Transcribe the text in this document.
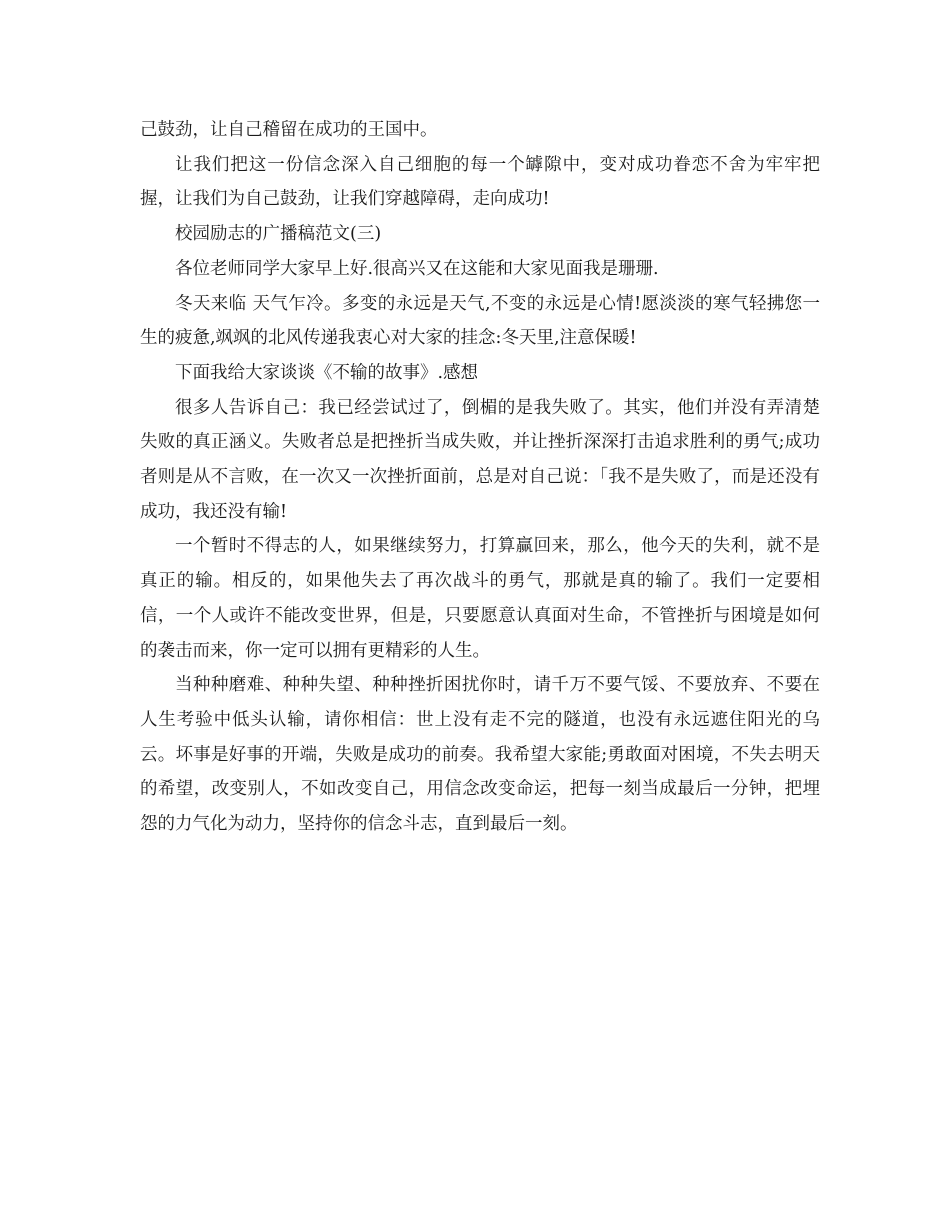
己鼓劲，让自己稽留在成功的王国中。

让我们把这一份信念深入自己细胞的每一个罅隙中，变对成功眷恋不舍为牢牢把握，让我们为自己鼓劲，让我们穿越障碍，走向成功!

校园励志的广播稿范文(三)

各位老师同学大家早上好.很高兴又在这能和大家见面我是珊珊.

冬天来临 天气乍冷。多变的永远是天气,不变的永远是心情!愿淡淡的寒气轻拂您一生的疲惫,飒飒的北风传递我衷心对大家的挂念:冬天里,注意保暖!

下面我给大家谈谈《不输的故事》.感想

很多人告诉自己：我已经尝试过了，倒楣的是我失败了。其实，他们并没有弄清楚失败的真正涵义。失败者总是把挫折当成失败，并让挫折深深打击追求胜利的勇气;成功者则是从不言败，在一次又一次挫折面前，总是对自己说：「我不是失败了，而是还没有成功，我还没有输!

一个暂时不得志的人，如果继续努力，打算赢回来，那么，他今天的失利，就不是真正的输。相反的，如果他失去了再次战斗的勇气，那就是真的输了。我们一定要相信，一个人或许不能改变世界，但是，只要愿意认真面对生命，不管挫折与困境是如何的袭击而来，你一定可以拥有更精彩的人生。

当种种磨难、种种失望、种种挫折困扰你时，请千万不要气馁、不要放弃、不要在人生考验中低头认输，请你相信：世上没有走不完的隧道，也没有永远遮住阳光的乌云。坏事是好事的开端，失败是成功的前奏。我希望大家能;勇敢面对困境，不失去明天的希望，改变别人，不如改变自己，用信念改变命运，把每一刻当成最后一分钟，把埋怨的力气化为动力，坚持你的信念斗志，直到最后一刻。
